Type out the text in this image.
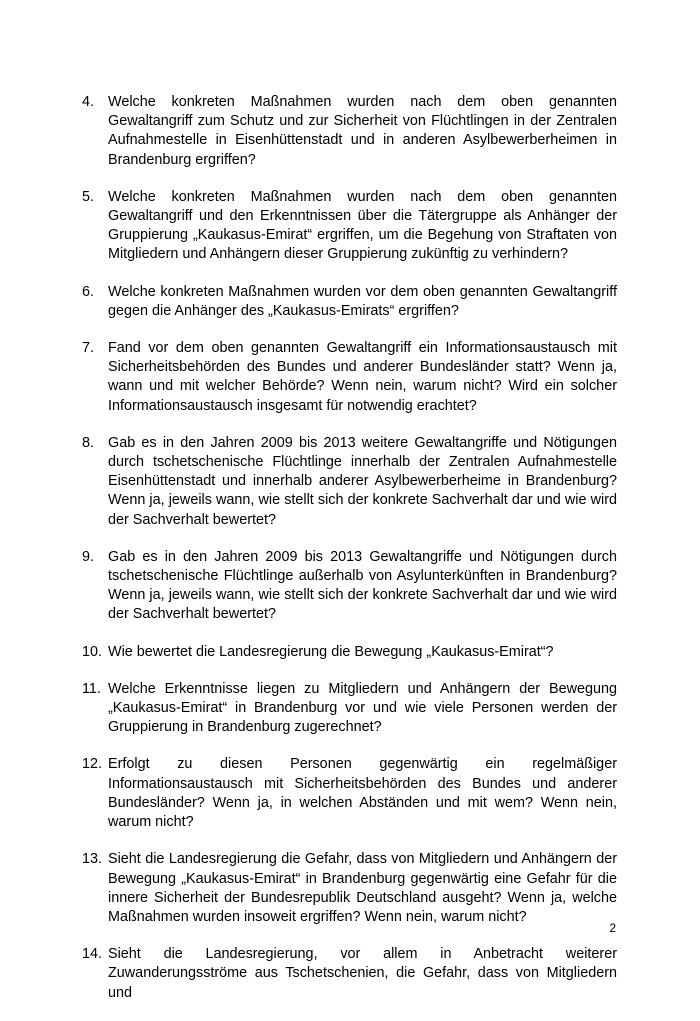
4. Welche konkreten Maßnahmen wurden nach dem oben genannten Gewaltangriff zum Schutz und zur Sicherheit von Flüchtlingen in der Zentralen Aufnahmestelle in Eisenhüttenstadt und in anderen Asylbewerberheimen in Brandenburg ergriffen?
5. Welche konkreten Maßnahmen wurden nach dem oben genannten Gewaltangriff und den Erkenntnissen über die Tätergruppe als Anhänger der Gruppierung „Kaukasus-Emirat“ ergriffen, um die Begehung von Straftaten von Mitgliedern und Anhängern dieser Gruppierung zukünftig zu verhindern?
6. Welche konkreten Maßnahmen wurden vor dem oben genannten Gewaltangriff gegen die Anhänger des „Kaukasus-Emirats“ ergriffen?
7. Fand vor dem oben genannten Gewaltangriff ein Informationsaustausch mit Sicherheitsbehörden des Bundes und anderer Bundesländer statt? Wenn ja, wann und mit welcher Behörde? Wenn nein, warum nicht? Wird ein solcher Informationsaustausch insgesamt für notwendig erachtet?
8. Gab es in den Jahren 2009 bis 2013 weitere Gewaltangriffe und Nötigungen durch tschetschenische Flüchtlinge innerhalb der Zentralen Aufnahmestelle Eisenhüttenstadt und innerhalb anderer Asylbewerberheime in Brandenburg? Wenn ja, jeweils wann, wie stellt sich der konkrete Sachverhalt dar und wie wird der Sachverhalt bewertet?
9. Gab es in den Jahren 2009 bis 2013 Gewaltangriffe und Nötigungen durch tschetschenische Flüchtlinge außerhalb von Asylunterkünften in Brandenburg? Wenn ja, jeweils wann, wie stellt sich der konkrete Sachverhalt dar und wie wird der Sachverhalt bewertet?
10. Wie bewertet die Landesregierung die Bewegung „Kaukasus-Emirat“?
11. Welche Erkenntnisse liegen zu Mitgliedern und Anhängern der Bewegung „Kaukasus-Emirat“ in Brandenburg vor und wie viele Personen werden der Gruppierung in Brandenburg zugerechnet?
12. Erfolgt zu diesen Personen gegenwärtig ein regelmäßiger Informationsaustausch mit Sicherheitsbehörden des Bundes und anderer Bundesländer? Wenn ja, in welchen Abständen und mit wem? Wenn nein, warum nicht?
13. Sieht die Landesregierung die Gefahr, dass von Mitgliedern und Anhängern der Bewegung „Kaukasus-Emirat“ in Brandenburg gegenwärtig eine Gefahr für die innere Sicherheit der Bundesrepublik Deutschland ausgeht? Wenn ja, welche Maßnahmen wurden insoweit ergriffen? Wenn nein, warum nicht?
14. Sieht die Landesregierung, vor allem in Anbetracht weiterer Zuwanderungsströme aus Tschetschenien, die Gefahr, dass von Mitgliedern und
2
